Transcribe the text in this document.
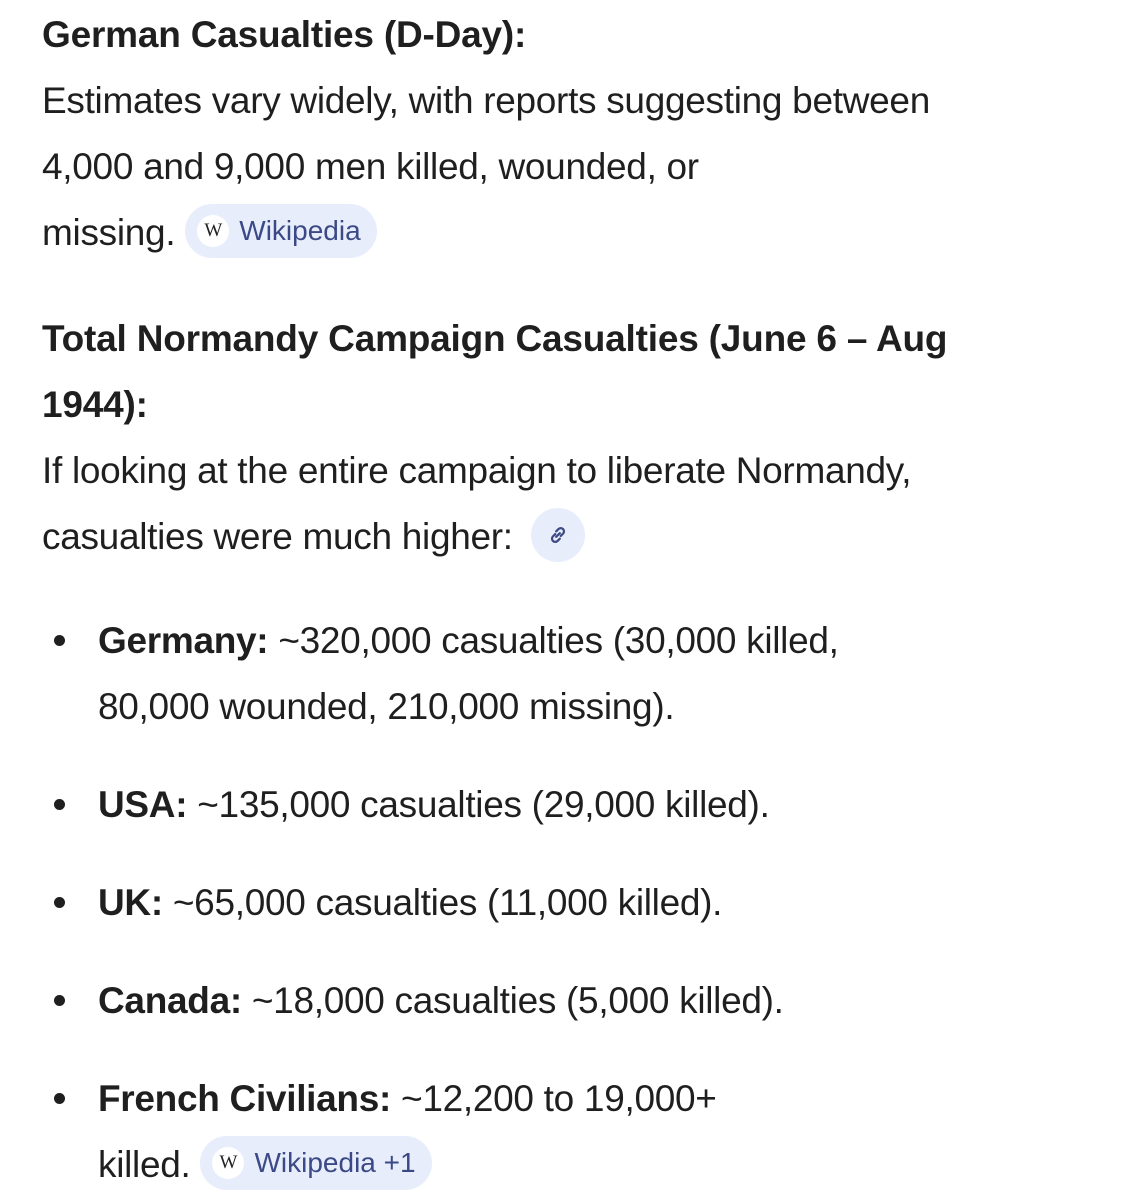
German Casualties (D-Day):

Estimates vary widely, with reports suggesting between
4,000 and 9,000 men killed, wounded, or
missing.	W Wikipedia

Total Normandy Campaign Casualties (June 6 – Aug
1944):

If looking at the entire campaign to liberate Normandy,
casualties were much higher:

Germany: ~320,000 casualties (30,000 killed,
80,000 wounded, 210,000 missing).
USA: ~135,000 casualties (29,000 killed).
UK: ~65,000 casualties (11,000 killed).
Canada: ~18,000 casualties (5,000 killed).
French Civilians: ~12,200 to 19,000+
killed.	W Wikipedia +1
